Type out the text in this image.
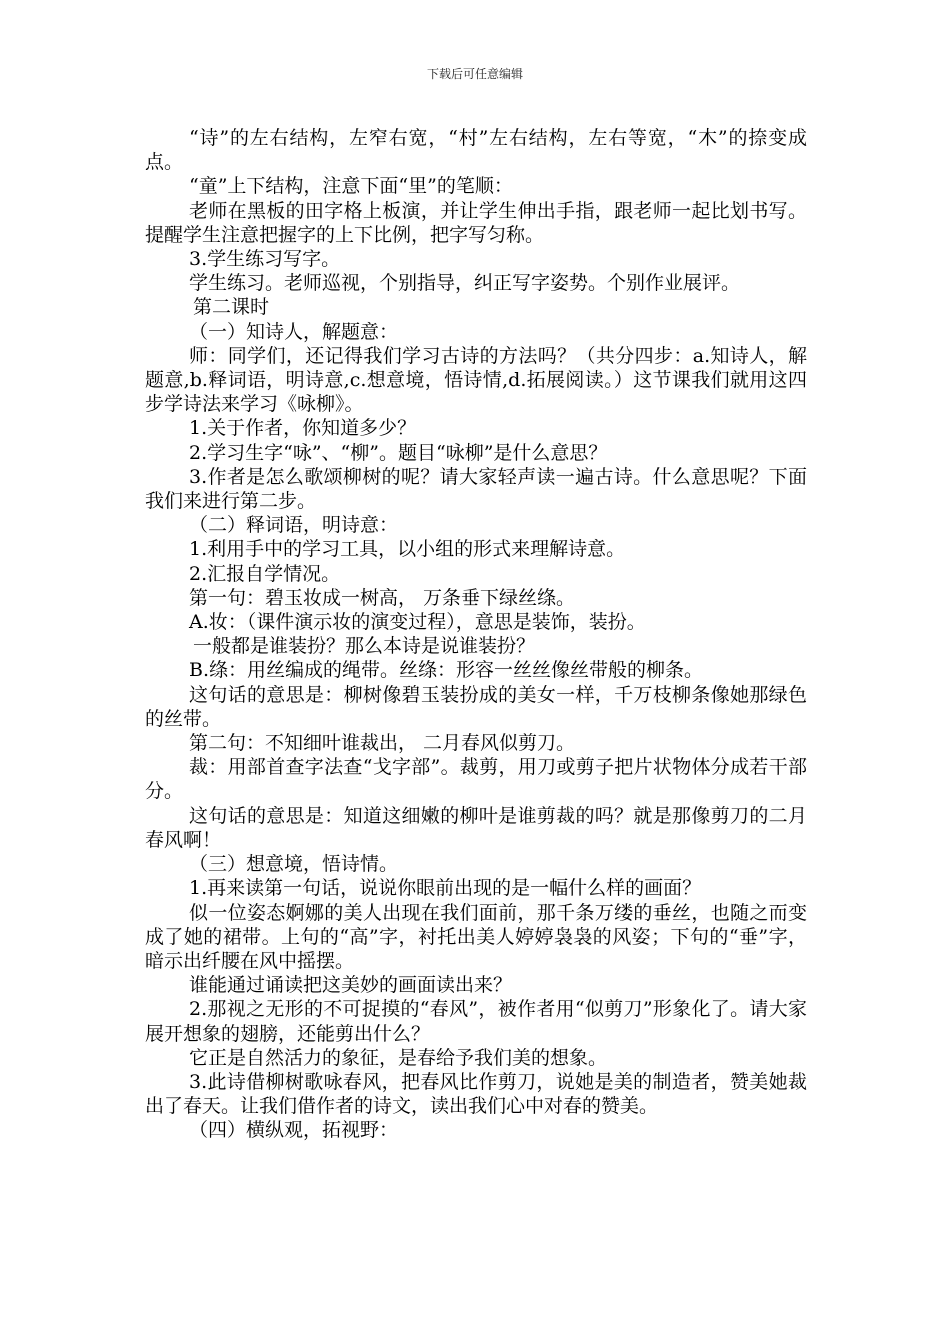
下载后可任意编辑

“诗”的左右结构，左窄右宽，“村”左右结构，左右等宽，“木”的捺变成点。

“童”上下结构，注意下面“里”的笔顺：

老师在黑板的田字格上板演，并让学生伸出手指，跟老师一起比划书写。提醒学生注意把握字的上下比例，把字写匀称。

3.学生练习写字。

学生练习。老师巡视，个别指导，纠正写字姿势。个别作业展评。

第二课时

（一）知诗人，解题意：

师：同学们，还记得我们学习古诗的方法吗？（共分四步：a.知诗人，解题意,b.释词语，明诗意,c.想意境，悟诗情,d.拓展阅读。）这节课我们就用这四步学诗法来学习《咏柳》。

1.关于作者，你知道多少？

2.学习生字“咏”、“柳”。题目“咏柳”是什么意思？

3.作者是怎么歌颂柳树的呢？请大家轻声读一遍古诗。什么意思呢？下面我们来进行第二步。

（二）释词语，明诗意：

1.利用手中的学习工具，以小组的形式来理解诗意。

2.汇报自学情况。

第一句：碧玉妆成一树高， 万条垂下绿丝绦。

A.妆：（课件演示妆的演变过程），意思是装饰，装扮。

一般都是谁装扮？那么本诗是说谁装扮？

B.绦：用丝编成的绳带。丝绦：形容一丝丝像丝带般的柳条。

这句话的意思是：柳树像碧玉装扮成的美女一样，千万枝柳条像她那绿色的丝带。

第二句：不知细叶谁裁出， 二月春风似剪刀。

裁：用部首查字法查“戈字部”。裁剪，用刀或剪子把片状物体分成若干部分。

这句话的意思是：知道这细嫩的柳叶是谁剪裁的吗？就是那像剪刀的二月春风啊！

（三）想意境，悟诗情。

1.再来读第一句话，说说你眼前出现的是一幅什么样的画面？

似一位姿态婀娜的美人出现在我们面前，那千条万缕的垂丝，也随之而变成了她的裙带。上句的“高”字，衬托出美人婷婷袅袅的风姿；下句的“垂”字，暗示出纤腰在风中摇摆。

谁能通过诵读把这美妙的画面读出来？

2.那视之无形的不可捉摸的“春风”，被作者用“似剪刀”形象化了。请大家展开想象的翅膀，还能剪出什么？

它正是自然活力的象征，是春给予我们美的想象。

3.此诗借柳树歌咏春风，把春风比作剪刀，说她是美的制造者，赞美她裁出了春天。让我们借作者的诗文，读出我们心中对春的赞美。

（四）横纵观，拓视野：
